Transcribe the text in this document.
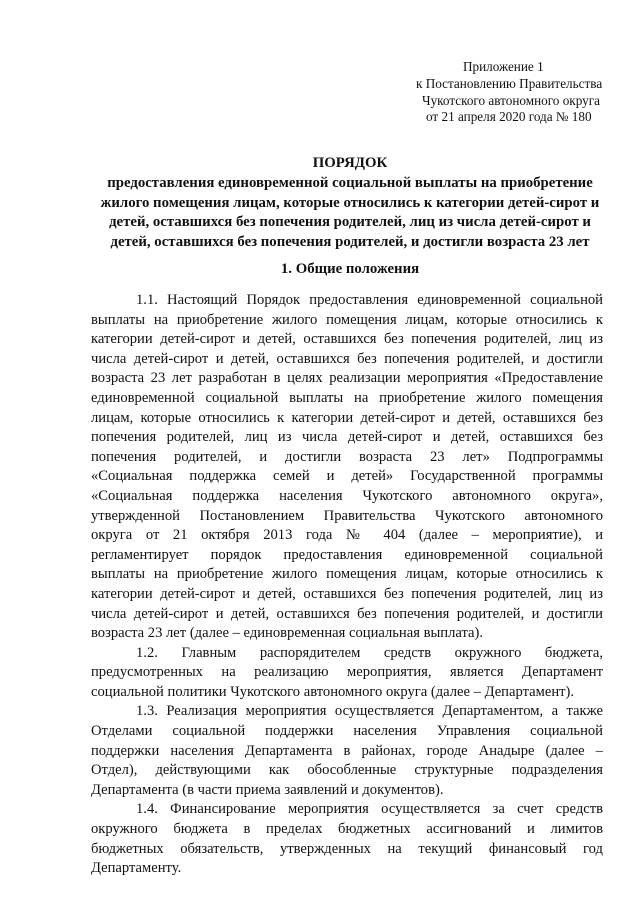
Приложение 1
к Постановлению Правительства
Чукотского автономного округа
от 21 апреля 2020 года № 180
ПОРЯДОК
предоставления единовременной социальной выплаты на приобретение
жилого помещения лицам, которые относились к категории детей-сирот и
детей, оставшихся без попечения родителей, лиц из числа детей-сирот и
детей, оставшихся без попечения родителей, и достигли возраста 23 лет
1. Общие положения
1.1. Настоящий Порядок предоставления единовременной социальной
выплаты на приобретение жилого помещения лицам, которые относились к
категории детей-сирот и детей, оставшихся без попечения родителей, лиц из
числа детей-сирот и детей, оставшихся без попечения родителей, и достигли
возраста 23 лет разработан в целях реализации мероприятия «Предоставление
единовременной социальной выплаты на приобретение жилого помещения
лицам, которые относились к категории детей-сирот и детей, оставшихся без
попечения родителей, лиц из числа детей-сирот и детей, оставшихся без
попечения родителей, и достигли возраста 23 лет» Подпрограммы
«Социальная поддержка семей и детей» Государственной программы
«Социальная поддержка населения Чукотского автономного округа»,
утвержденной Постановлением Правительства Чукотского автономного
округа от 21 октября 2013 года № 404 (далее – мероприятие), и
регламентирует порядок предоставления единовременной социальной
выплаты на приобретение жилого помещения лицам, которые относились к
категории детей-сирот и детей, оставшихся без попечения родителей, лиц из
числа детей-сирот и детей, оставшихся без попечения родителей, и достигли
возраста 23 лет (далее – единовременная социальная выплата).
1.2. Главным распорядителем средств окружного бюджета,
предусмотренных на реализацию мероприятия, является Департамент
социальной политики Чукотского автономного округа (далее – Департамент).
1.3. Реализация мероприятия осуществляется Департаментом, а также
Отделами социальной поддержки населения Управления социальной
поддержки населения Департамента в районах, городе Анадыре (далее –
Отдел), действующими как обособленные структурные подразделения
Департамента (в части приема заявлений и документов).
1.4. Финансирование мероприятия осуществляется за счет средств
окружного бюджета в пределах бюджетных ассигнований и лимитов
бюджетных обязательств, утвержденных на текущий финансовый год
Департаменту.
